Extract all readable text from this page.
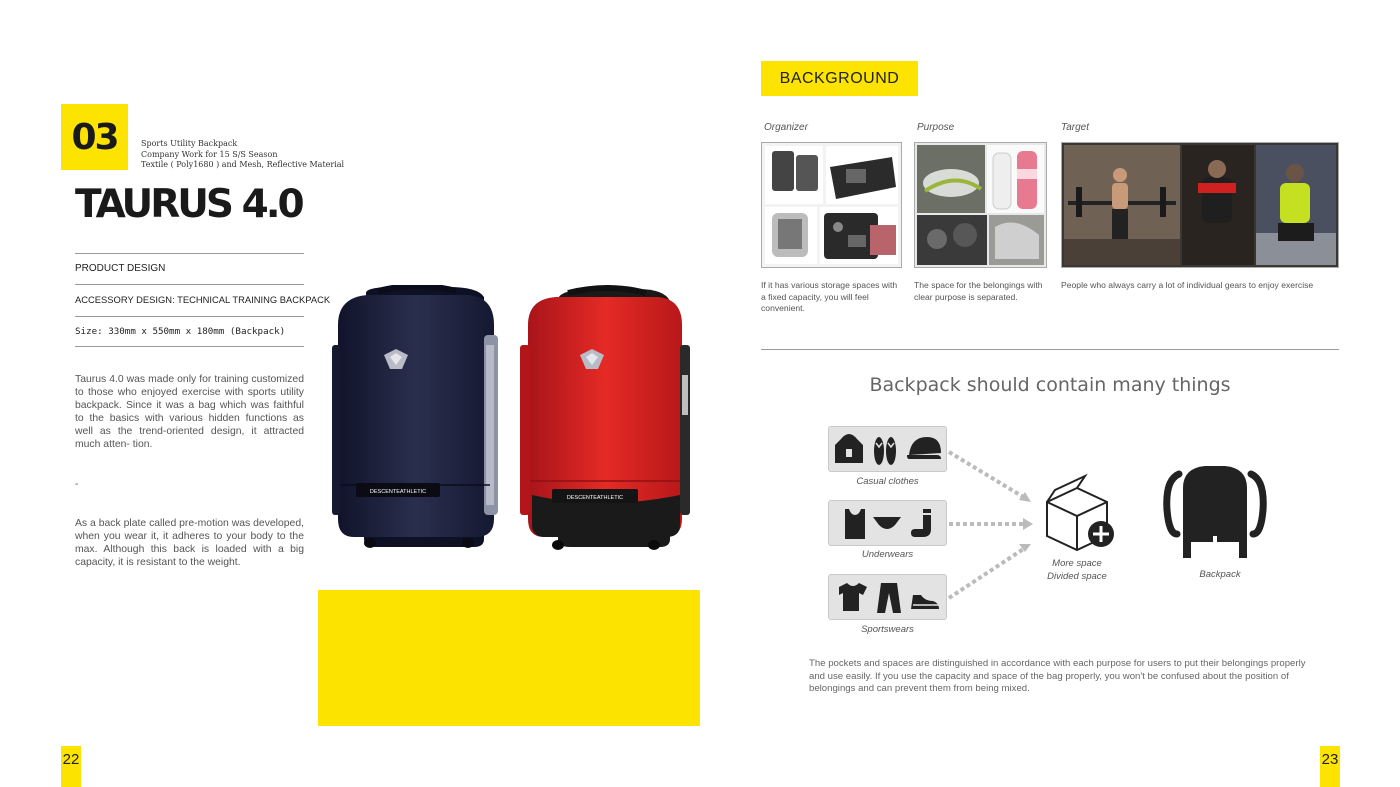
03	Sports Utility Backpack
Company Work for 15 S/S Season
Textile ( Poly1680 ) and Mesh, Reflective Material
TAURUS 4.0
PRODUCT DESIGN
ACCESSORY DESIGN: TECHNICAL TRAINING BACKPACK
Size: 330mm x 550mm x 180mm (Backpack)
Taurus 4.0 was made only for training customized to those who enjoyed exercise with sports utility backpack. Since it was a bag which was faithful to the basics with various hidden functions as well as the trend-oriented design, it attracted much atten- tion.
-
As a back plate called pre-motion was developed, when you wear it, it adheres to your body to the max. Although this back is loaded with a big capacity, it is resistant to the weight.
DESCENTEATHLETIC
DESCENTEATHLETIC
22
BACKGROUND
Organizer	Purpose	Target
If it has various storage spaces with a fixed capacity, you will feel convenient.
The space for the belongings with clear purpose is separated.
People who always carry a lot of individual gears to enjoy exercise
Backpack should contain many things
Casual clothes
Underwears
Sportswears
More space
Divided space	Backpack
The pockets and spaces are distinguished in accordance with each purpose for users to put their belongings properly and use easily. If you use the capacity and space of the bag properly, you won't be confused about the position of belongings and can prevent them from being mixed.
23
